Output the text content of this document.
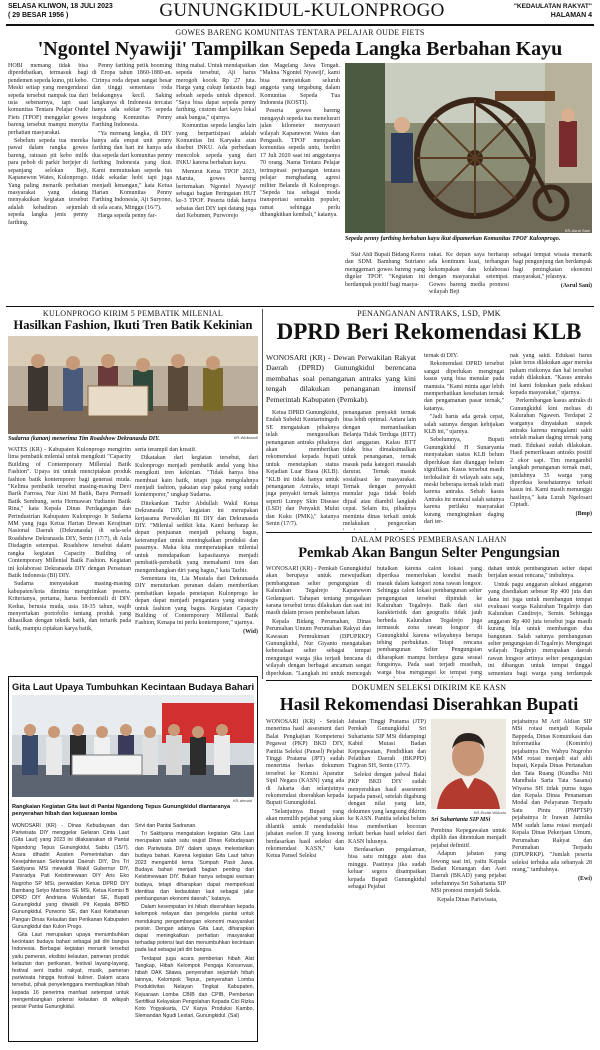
SELASA KLIWON, 18 JULI 2023
( 29 BESAR 1956 )	GUNUNGKIDUL-KULONPROGO	"KEDAULATAN RAKYAT"
HALAMAN 4
GOWES BARENG KOMUNITAS TENTARA PELAJAR OUDE FIETS
'Ngontel Nyawiji' Tampilkan Sepeda Langka Berbahan Kayu

HOBI memang tidak bisa diperdebatkan, termasuk bagi pendemen sepeda kuno, pit kebo. Meski setiap yang mengendarai sepeda tersebut nampak tua dari usia sebenarnya, tapi saat komunitas Tentara Pelajar Oude Fiets (TPOF) menggelar gowes bareng tersebut mampu menyita perhatian masyarakat.

Sebelum sepeda tua mereka pawai dalam rangka gowes bareng, ratusan pit kebo milik para peboh di parkir berjejer di sepanjang selokan Beji, Kapanewon Wates, Kulonprogo. Yang paling menarik perhatian masyarakat yang datang menyaksikan kegiatan tersebut adalah kehadiran sejumlah sepeda langka jenis penny farthing.

Penny farthing petik booming di Eropa tahun 1860-1880-an. Cirinya roda depan sangat besar dan tinggi sementara roda belakangnya kecil. Saking langkanya di Indonesia tercatat hanya ada sekitar 75 sepeda tergabung Komunitas Penny Farthing Indonesia.

"Ya memang langka, di DIY hanya ada empat unit penny farthing dan hari ini hanya ada dua sepeda dari komunitas penny farthing Indonesia yang ikut. Kami memutuskan sepeda tua tidak sekadar hobi tapi juga menjadi kenangan," kata Ketua Harian Komunitas Penny Farthing Indonesia, Aji Suryono, di sela acara, Minggu (16/7).

Harga sepeda penny far-

thing mahal. Untuk mendapatkan sepeda tersebut, Aji harus merogoh kocek Rp 27 juta. Harga yang cukup fantastis bagi sebuah sepeda untuk dipencel. "Saya bisa dapat sepeda penny farthing, custom dari kayu lokal anak bangsa," ujarnya.

Komunitas sepeda langka lain yang berpartisipasi adalah Komunitas Ini Karyaku atau disebut INKU. Ada perbedaan mencolok sepeda yang dari INKU karena berbahan kayu.

Menurut Ketua TPOF 2023, Maruta, gowes bareng bertemakan 'Ngontel Nyawiji' sebagai bagian Peringatan HUT ke-3 TPOF. Peserta tidak hanya sebatas dari DIY tapi datang juga dari Kebumen, Purworejo

dan Magelang Jawa Tengah. "Makna 'Ngontel Nyawiji', kami bisa menyatukan seluruh anggota yang tergabung dalam Komunitas Sepeda Tua Indonesia (KOSTI).

Peserta gowes bareng mengayuh sepeda tua menelusuri jalan kilometer menyusuri wilayah Kapanewon Wates dan Pengasih. TPOF merupakan komunitas sepeda untu, berdiri 17 Juli 2020 saat ini anggotanya 70 orang. Nama Tentara Pelajar terinspirasi perjuangan tentara pelajar menghadang agresi militer Belanda di Kulonprogo. "Sepeda tua sebagai moda transportasi semakin populer, ramai sehingga perlu dibangkitkan kembali," katanya.

KR-Asrul Sani
Sepeda penny farthing berbahan kayu ikut dipamerkan Komunitas TPOF Kulonprogo.

Staf Ahli Bupati Bidang Keera dan SDM. Bambang Sutriano menggemari gowes bareng yang digelar TPOF. "Kegiatan ini berdampak positif bagi masya-

rakat. Ke depan saya berharap ada kontinum kuat, terbangun kekompakan dan kolaborasi dengan masyarakat setempat. Gowes bareng media promosi wilayah Beji

sebagai tempat wisata menarik bagi pengunjung dan berdampak bagi peningkatan ekonomi masyarakat," jelasnya.

(Asrul Sani)

KULONPROGO KIRIM 5 PEMBATIK MILENIAL
Hasilkan Fashion, Ikuti Tren Batik Kekinian
KR-Widiastuti
Sudarna (kanan) menerima Tim Roadshow Dekranasda DIY.

WATES (KR) - Kabupaten Kulonprogo mengirim lima pembatik milenial untuk mengikuti "Capacity Building of Contemporary Millenial Batik Fashion". Upaya ini untuk menciptakan produk fashion batik kontemporer bagi generasi muda. "Kelima pembatik tersebut masing-masing Devi Barik Farrosa, Nur Aini M Batik, Bayu Permadi Batik Sembung, serta Hermawan Yudianto Batik Rina," kata Kepala Dinas Perdagangan dan Perindustrian Kabupaten Kulonprogo Ir Sudarna MM yang juga Ketua Harian Dewan Kerajinan Nasional Daerah (Dekranasda) di sela-sela Roadshow Dekranasda DIY, Senin (17/7), di Aula Disdagrin setempat. Roadshow tersebut dalam rangka kegiatan Capacity Building of Contemporary Millenial Batik Fashion. Kegiatan ini kolaborasi Dekranasda DIY dengan Persatuan Batik Indonesia (BI) DIY.

Sudarna menyatakan masing-masing kabupaten/kota diminta mengirimkan peserta. Kriterianya, pertama, harus berdomisili di DIY. Kedua, berusia muda, usia 18-35 tahun, wajib menyertakan portofolio tentang produk yang dihasilkan dengan teknik batik, dan tertarik pada batik, mampu ciptakan karya batik,

serta terampil dan kreatif.

Dikatakan dari kegiatan tersebut, dari Kulonprogo menjadi pembatik andal yang bisa mengikuti tren kekinian. "Tidak hanya bisa membuat kain batik, tetapi juga mengolahnya menjadi fashion, pakaian siap pakai yang sudah kontemporer," ungkap Sudarna.

Ditekankan Tazbir Abdullah Wakil Ketua Dekranasda DIY, kegiatan ini merupakan kerjasama Perwakilan BI DIY dan Dekranasda DIY. "Milenial sedikit kita. Kami berharap ke depan penjuanan menjadi peluang bagus, keterampilan untuk meningkatkan produksi dan pasarnya. Maka kita memperatapkan milenial untuk mendapatkan kapasitasnya menjadi pembatik-pembatik yang memahami tren dan mengembangkan diri yang bagus," kata Tazbir.

Sementara itu, Lia Mustafa dari Dekranasda DIY menuturkan peranan dalam memberikan pembatikan kepada penetapan Kulonprogo ke depan dapat menjadi pengantara yang strategis untuk fashion yang bagus. Kegiatan Capacity Building of Contemporary Millenial Batik Fashion, Kenapa ini perlu kontemporer," ujarnya.

(Wid)

PENANGANAN ANTRAKS, LSD, PMK
DPRD Beri Rekomendasi KLB
WONOSARI (KR) - Dewan Perwakilan Rakyat Daerah (DPRD) Gunungkidul berencana membahas soal penanganan antraks yang kini tengah dilakukan penanganan intensif Pemerintah Kabupaten (Pemkab).

Ketua DPRD Gunungkidul, Endah Subekti Kuntariningsih SE mengatakan pihaknya telah mengusulkan penanganan antraks pihaknya akan memberikan rekomendasi kepada bupati untuk menetapkan status Kejadian Luar Biasa (KLB). "KLB ini tidak hanya untuk penanganan Antraks, tetapi juga penyakit ternak lainnya seperti Lumpy Skin Disease (LSD) dan Penyakit Mulut dan Kuku (PMK)," katanya Senin (17/7).

penanganan penyakit ternak bisa lebih optimal. Antara lain dengan memanfaatkan Belanja Tidak Terduga (BTT) dari anggaran. Kalau BTT tidak bisa dimaksimalkan untuk penanganan, ternak masuk pada kategori masalah darurat. Ternak masuk sosialisasi ke masyarakat. Ternak dengan penyakit menular juga tidak boleh dijual atau diambil langkah cepat. Selain itu, pihaknya meminta dinas terkait untuk melakukan pengecekan

ternak di DIY.

Rekomendasi DPRD tersebut sangat diperlukan mengingat kasus yang bisa menular pada manusia. "Kami minta agar lebih memperhatikan kesehatan ternak dan pengamanan pasar ternak," katanya.

"Jadi harus ada gerak cepat, salah satunya dengan kebijakan KLB ini," ujarnya.

Sebelumnya, Bupati Gunungkidul H Sunaryanta menyatakan status KLB belum diperlukan dan dianggap belum signifikan. Kasus tersebut masih terlokalisir di wilayah satu saja, meski beberapa ternak telah mati karena antraks. Sebab kasus Antraks ini muncul salah satunya karena perilaku masyarakat kurang menginginkan daging dari ter-

nak yang sakit. Edukasi harus jalan terus dilakukan agar mereka paham risikonya dan hal tersebut sudah dilakukan. "Kasus antraks ini kami fokuskan pada edukasi kepada masyarakat," ujarnya.

Perkembangan kasus antraks di Gunungkidul kini meluas di Kalurahan Ngawen. Terdapat 2 warganya dinyatakan suspek antraks karena mengalami sakit setelah makan daging ternak yang mati. Edukasi sudah dilakukan. Hasil pemeriksaan antraks positif 2 ekor sapi. Tim mengambil langkah penanganan ternak mati, jumlahnya 35 warga yang diperiksa kesehatannya terkait kasus ini. Kami masih menunggu hasilnya," kata Lurah Ngelosari Ciptadi.

(Bmp)

DALAM PROSES PEMBEBASAN LAHAN
Pemkab Akan Bangun Selter Pengungsian

WONOSARI (KR) - Pemkab Gunungkidul akan berupaya untuk mewujudkan pembangunan selter pengungsian di Kalurahan Tegalrejo Kapanewon Gedangsari. Tahapan tentang pengadaan sarana tersebut terus dilakukan dan saat ini masih dalam proses pembebasan lahan.

Kepala Bidang Perumahan, Dinas Perumahan Umum Perumahan Rakyat dan Kawasan Permukiman (DPUPRKP) Gunungkidul, Nur Giyanto mengatakan keberadaan selter sebagai tempat mengungsi warga jika terjadi bencana di wilayah dengan berbagai ancaman sangat diperlukan. "Langkah ini untuk mencegah

butalkan karena calon lokasi yang diperiksa memerlukan kondisi masih masuk dalam kategori zona rawan longsor. Sehingga calon lokasi pembangunan selter pengungsian tersebut dipindah ke Kalurahan Tegalrejo. Baik dari sisi karakteristik dan geografis tidak jauh berbeda. Kalurahan Tegalrejo juga termasuk zona rawan longsor di Gunungkidul karena wilayahnya berupa tebing perbukitan. Tetapi rencana pembangunan Selter Pengungsian diharapkan mampu berdaya guna sesuai fungsinya. Pada saat terjadi musibah, warga bisa mengungsi ke tempat yang

dahan untuk pembangunan selter dapat berjalan sesuai rencana," imbuhnya.

Untuk pagu anggaran alokasi anggaran yang disediakan sebesar Rp 400 juta dan dana ini juga untuk membangun tempat evakuasi warga Kalurahan Tegalrejo dan Kalurahan Candirejo, Semin. Sehingga anggaran Rp 400 juta tersebut juga masih kurang bila untuk membangun dua bangunan. Salah satunya pembangunan selter pengungsian di Tegalrejo. Mengingat wilayah Tegalrejo merupakan daerah rawan longsor artinya selter pengungsian ini dibangun untuk tempat tinggal sementara bagi warga yang terdampak

Gita Laut Upaya Tumbuhkan Kecintaan Budaya Bahari
KR-ahmad
Rangkaian Kegiatan Gita laut di Pantai Ngandong Tepus Gunungkidul diantaranya penyerahan hibah dan kejuaraan lomba

WONOSARI (KR) - Dinas Kebudayaan dan Pariwisata DIY menggelar Gelaran Cinta Laut (Gita Laut) yang 2023 ini dilaksanakan di Pantai Ngandong Tepus Gunungkidul, Sabtu (15/7). Acara dihadiri Asisten Pemerintahan dan Kesejahteraan Sekretariat Daerah DIY, Drs Tri Saktiyana MSi mewakili Wakil Gubernur DIY, Paniradya Pati Keistimewaan DIY Aris Eko Nugroho SP MSi, perwakilan Ketua DPRD DIY Bambang Setyo Martono SE MSi, Ketua Komisi B DPRD DIY Andriana Wulandari SE, Bupati Gunungkidul yang diwakili Pit Kepala BPBD Gunungkidul, Purwono SE, dan Kasi Ketahanan Pangan Dinas Kelautan dan Perikanan Kabupaten Gunungkidul dan Kulon Progo.

Gita Laut merupakan upaya menumbuhkan kecintaan budaya bahari sebagai jati diri bangsa Indonesia. Berbagai kegiatan menarik tersebut yaitu pameran, eksibisi kelautan, pameran produk kelautan dan perikanan, festival layang-layang, festival seni tradisi rakyat, musik, pameran pariwisata hingga festival kuliner. Dalam acara tersebut, pihak penyelenggara membagikan hibah kepada 16 penerima manfaat setempat untuk mengembangkan potensi kelautan di wilayah pesisir Pantai Gunungkidul.

Srivi dan Pantai Sadranan.

Tri Saktiyana mengatakan kegiatan Gita Laut merupakan salah satu wujud Dinas Kebudayaan dan Pariwisata DIY dalam upaya melestarikan budaya bahari. Karena kegiatan Gita Laut tahun 2023 mengambil tema 'Sumpah Pasir Jawa. Budaya bahari menjadi bagian penting dari Keistimewaan DIY. Bukan hanya sebagai warisan budaya, tetapi diharapkan dapat memperkuat identitas dan kedaulatan laut sebagai jalur pembangunan ekonomi daerah," katanya.

Dalam kesempatan ini hibah diserahkan kepada kelompok nelayan dan pengelola pantai untuk mendukung pengembangan ekonomi masyarakat pesisir. Dengan adanya Gita Laut, diharapkan dapat meningkatkan perhatian masyarakat terhadap potensi laut dan menumbuhkan kecintaan pada laut sebagai jati diri bangsa.

Terdapat juga acara pemberian hibah Alat Tangkap, Hibah Kelompok Pengaja Konservasi, hibah DAK Sitawa, penyerahan sejumlah hibah lainnya, Kelompok Tepus, penyerahan Lomba Produktivitas Nelayan Tingkat Kabupaten, Kejuaraan Lomba CBIB dan CPIB, Pemberian Sertifikat Kelayakan Pengolahan Kepada Cici Rizka Koto Yogyakarta, CV Karya Produksi Kambo, Slemandan Ngudi Lestari, Gunungkidul. (Sal)

DOKUMEN SELEKSI DIKIRIM KE KASN
Hasil Rekomendasi Diserahkan Bupati

WONOSARI (KR) - Setelah menerima hasil assesment dari Balai Pengkajian Kompetensi Pegawai (PKP) BKD DIY, Panitia Seleksi (Pansel) Pejabat Tinggi Pratama (JPT) sudah menerima berkas dokumen tersebut ke Komisi Aparatur Sipil Negara (KASN) yang ada di Jakarta dan selanjutnya rekomendasi diserahkan kepada Bupati Gunungkidul.

"Selanjutnya Bupati yang akan memilih pejabat yang akan dilantik untuk mendudukki jabatan eselon II yang kosong berdasarkan hasil seleksi dan rekomendasi KASN," kata Ketua Pansel Seleksi

Jabatan Tinggi Pratama (JTP) Pemkab Gunungkidul Sri Suhartanta SIP MSi didampingi Kabid Mutasi Badan Kepegawaian, Pendidikan dan Pelatihan Daerah (BKPPD) Tugiran SH, Senin (17/7).

Seleksi dengan jadwal Balai PKP BKD DIY sudah menyerahkan hasil assesment kepada pansel, setelah digabung dengan nilai yang lain, dokumen yang langsung dikirim ke KASN. Panitia seleksi belum bisa memberikan bocoran terkait berkas hasil seleksi dari KASN lulusnya.

Berdasarkan pengalaman, bisa satu minggu atau dua minggu. Pastinya jika sudah keluar segera disampaikan kepada Bupati Gunungkidul sebagai Pejabat

KR-Endar Widodo
Sri Suhartanta SIP MSi

Pembina Kepegawaian untuk dipilih dan ditentukan menjadi pejabat definitif.

Adapun jabatan yang lowong saat ini, yaitu Kepala Badan Keuangan dan Aset Daerah (BKAD) yang pejabat sebelumnya Sri Suhartanta SIP MSi promosi menjadi Sekda.

Kepala Dinas Pariwisata,

pejabatnya M Arif Aldian SIP MSi rotasi menjadi Kepala Bappeda, Dinas Komunikasi dan Informatika (Kominfo) pejabatnya Drs Wahyu Nugroho MM rotasi menjadi staf ahli bupati, Kepala Dinas Pertanahan dan Tata Ruang (Kundha Niti Mandhala Sarta Tata Sasana) Wiyarsa SH tidak purna tugas dan Kepala Dinas Penanaman Modal dan Pelayanan Terpadu Satu Pintu (PMPTSP) pejabatnya Ir Irawan Jatmika MM sudah lama rotasi menjadi Kepala Dinas Pekerjaan Umum, Perumahan Rakyat dan Perumahan Terpadu (DPUPRKP). "Jumlah peserta seleksi terbuka ada sebanyak 28 orang," tambahnya.

(Ewi)
